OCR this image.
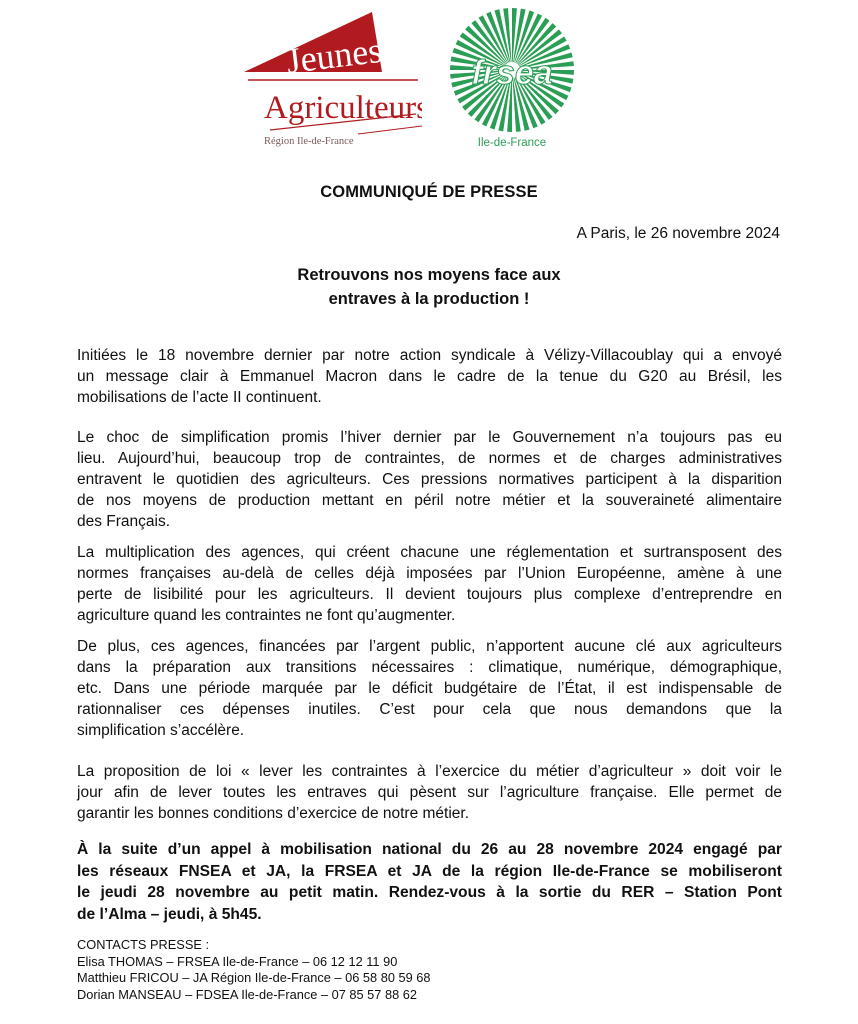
Jeunes
Agriculteurs
Région Ile-de-France
frsea
Ile-de-France
COMMUNIQUÉ DE PRESSE
A Paris, le 26 novembre 2024
Retrouvons nos moyens face aux
entraves à la production !
Initiées le 18 novembre dernier par notre action syndicale à Vélizy-Villacoublay qui a envoyé
un message clair à Emmanuel Macron dans le cadre de la tenue du G20 au Brésil, les
mobilisations de l’acte II continuent.
Le choc de simplification promis l’hiver dernier par le Gouvernement n’a toujours pas eu
lieu. Aujourd’hui, beaucoup trop de contraintes, de normes et de charges administratives
entravent le quotidien des agriculteurs. Ces pressions normatives participent à la disparition
de nos moyens de production mettant en péril notre métier et la souveraineté alimentaire
des Français.
La multiplication des agences, qui créent chacune une réglementation et surtransposent des
normes françaises au-delà de celles déjà imposées par l’Union Européenne, amène à une
perte de lisibilité pour les agriculteurs. Il devient toujours plus complexe d’entreprendre en
agriculture quand les contraintes ne font qu’augmenter.
De plus, ces agences, financées par l’argent public, n’apportent aucune clé aux agriculteurs
dans la préparation aux transitions nécessaires : climatique, numérique, démographique,
etc. Dans une période marquée par le déficit budgétaire de l’État, il est indispensable de
rationnaliser ces dépenses inutiles. C’est pour cela que nous demandons que la
simplification s’accélère.
La proposition de loi « lever les contraintes à l’exercice du métier d’agriculteur » doit voir le
jour afin de lever toutes les entraves qui pèsent sur l’agriculture française. Elle permet de
garantir les bonnes conditions d’exercice de notre métier.
À la suite d’un appel à mobilisation national du 26 au 28 novembre 2024 engagé par
les réseaux FNSEA et JA, la FRSEA et JA de la région Ile-de-France se mobiliseront
le jeudi 28 novembre au petit matin. Rendez-vous à la sortie du RER – Station Pont
de l’Alma – jeudi, à 5h45.
CONTACTS PRESSE :
Elisa THOMAS – FRSEA Ile-de-France – 06 12 12 11 90
Matthieu FRICOU – JA Région Ile-de-France – 06 58 80 59 68
Dorian MANSEAU – FDSEA Ile-de-France – 07 85 57 88 62
